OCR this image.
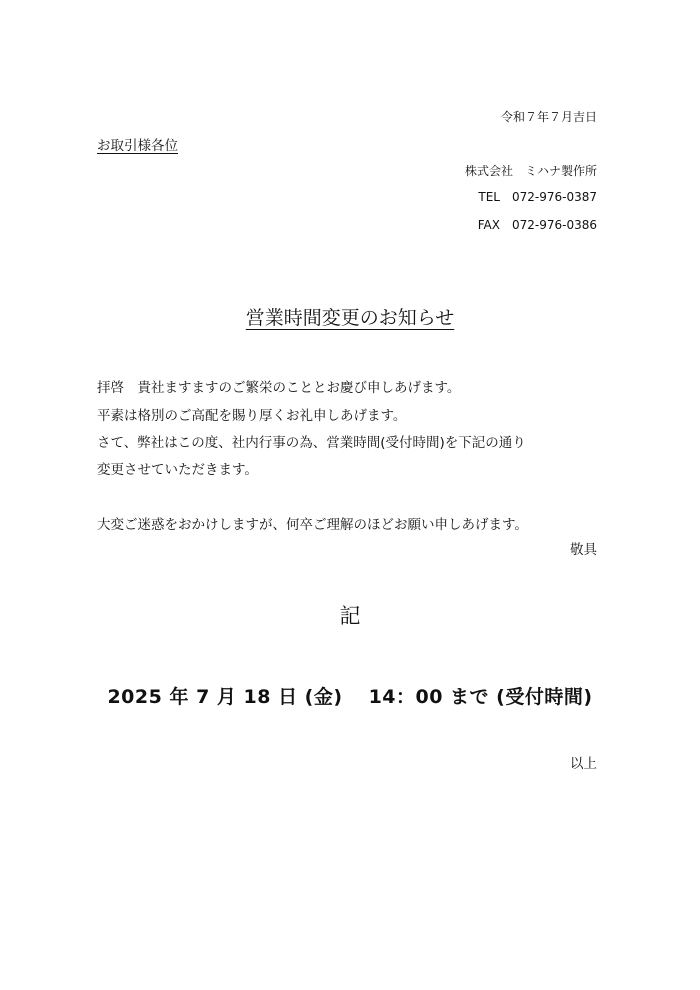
令和７年７月吉日
お取引様各位
株式会社　ミハナ製作所
TEL　072-976-0387
FAX　072-976-0386
営業時間変更のお知らせ
拝啓　貴社ますますのご繁栄のこととお慶び申しあげます。
平素は格別のご高配を賜り厚くお礼申しあげます。
さて、弊社はこの度、社内行事の為、営業時間(受付時間)を下記の通り
変更させていただきます。
大変ご迷惑をおかけしますが、何卒ご理解のほどお願い申しあげます。
敬具
記
2025 年 7 月 18 日 (金) 14：00 まで (受付時間)
以上
